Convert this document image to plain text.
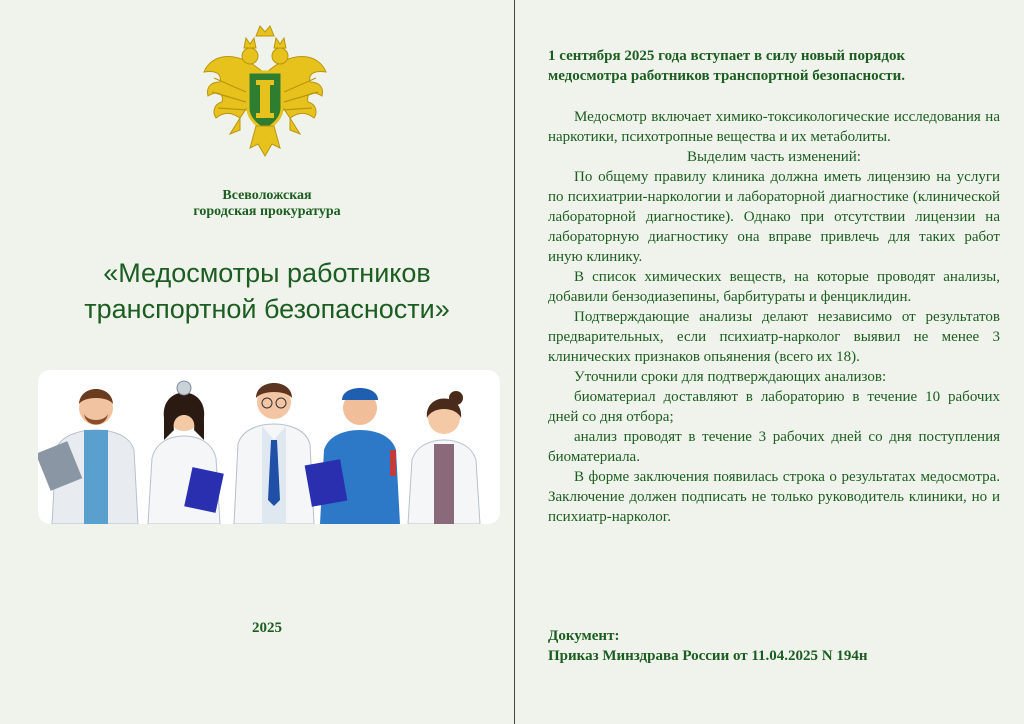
Всеволожская
городская прокуратура
«Медосмотры работников
транспортной безопасности»
2025
1 сентября 2025 года вступает в силу новый порядок
медосмотра работников транспортной безопасности.

Медосмотр включает химико-токсикологические исследования на наркотики, психотропные вещества и их метаболиты.

Выделим часть изменений:

По общему правилу клиника должна иметь лицензию на услуги по психиатрии-наркологии и лабораторной диагностике (клинической лабораторной диагностике). Однако при отсутствии лицензии на лабораторную диагностику она вправе привлечь для таких работ иную клинику.

В список химических веществ, на которые проводят анализы, добавили бензодиазепины, барбитураты и фенциклидин.

Подтверждающие анализы делают независимо от результатов предварительных, если психиатр-нарколог выявил не менее 3 клинических признаков опьянения (всего их 18).

Уточнили сроки для подтверждающих анализов:

биоматериал доставляют в лабораторию в течение 10 рабочих дней со дня отбора;

анализ проводят в течение 3 рабочих дней со дня поступления биоматериала.

В форме заключения появилась строка о результатах медосмотра. Заключение должен подписать не только руководитель клиники, но и психиатр-нарколог.

Документ:
Приказ Минздрава России от 11.04.2025 N 194н
